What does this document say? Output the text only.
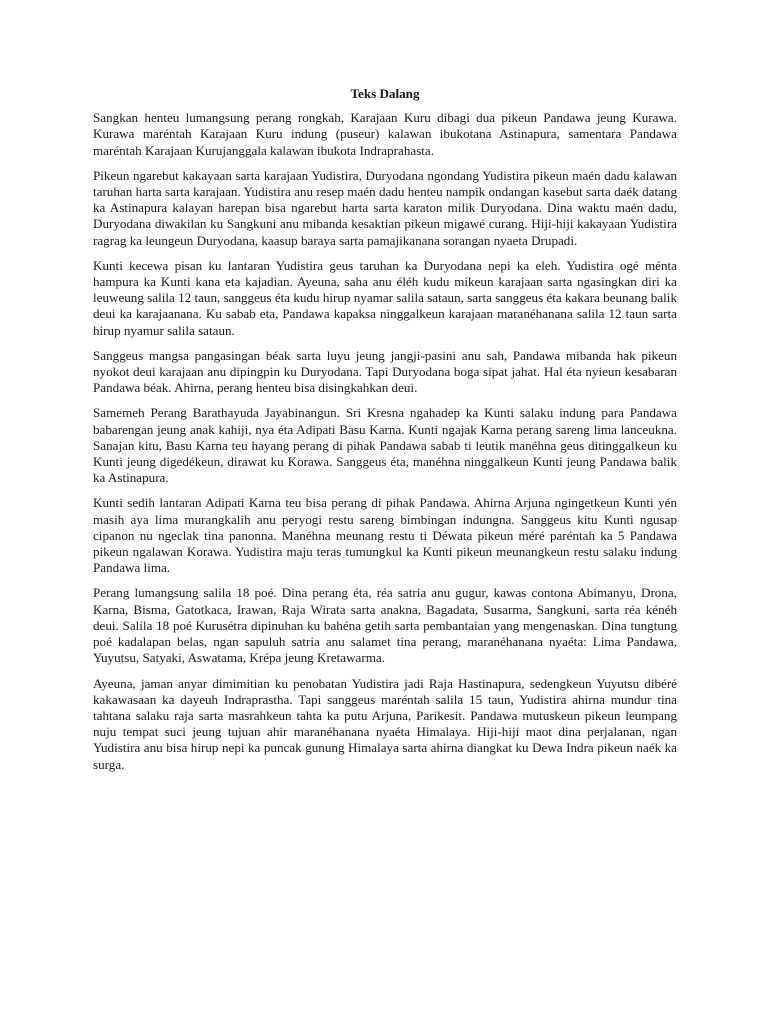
Teks Dalang

Sangkan henteu lumangsung perang rongkah, Karajaan Kuru dibagi dua pikeun Pandawa jeung Kurawa. Kurawa maréntah Karajaan Kuru indung (puseur) kalawan ibukotana Astinapura, samentara Pandawa maréntah Karajaan Kurujanggala kalawan ibukota Indraprahasta.

Pikeun ngarebut kakayaan sarta karajaan Yudistira, Duryodana ngondang Yudistira pikeun maén dadu kalawan taruhan harta sarta karajaan. Yudistira anu resep maén dadu henteu nampik ondangan kasebut sarta daék datang ka Astinapura kalayan harepan bisa ngarebut harta sarta karaton milik Duryodana. Dina waktu maén dadu, Duryodana diwakilan ku Sangkuni anu mibanda kesaktian pikeun migawé curang. Hiji-hiji kakayaan Yudistira ragrag ka leungeun Duryodana, kaasup baraya sarta pamajikanana sorangan nyaeta Drupadi.

Kunti kecewa pisan ku lantaran Yudistira geus taruhan ka Duryodana nepi ka eleh. Yudistira ogé ménta hampura ka Kunti kana eta kajadian. Ayeuna, saha anu éléh kudu mikeun karajaan sarta ngasingkan diri ka leuweung salila 12 taun, sanggeus éta kudu hirup nyamar salila sataun, sarta sanggeus éta kakara beunang balik deui ka karajaanana. Ku sabab eta, Pandawa kapaksa ninggalkeun karajaan maranéhanana salila 12 taun sarta hirup nyamur salila sataun.

Sanggeus mangsa pangasingan béak sarta luyu jeung jangji-pasini anu sah, Pandawa mibanda hak pikeun nyokot deui karajaan anu dipingpin ku Duryodana. Tapi Duryodana boga sipat jahat. Hal éta nyieun kesabaran Pandawa béak. Ahirna, perang henteu bisa disingkahkan deui.

Samemeh Perang Barathayuda Jayabinangun. Sri Kresna ngahadep ka Kunti salaku indung para Pandawa babarengan jeung anak kahiji, nya éta Adipati Basu Karna. Kunti ngajak Karna perang sareng lima lanceukna. Sanajan kitu, Basu Karna teu hayang perang di pihak Pandawa sabab ti leutik manéhna geus ditinggalkeun ku Kunti jeung digedékeun, dirawat ku Korawa. Sanggeus éta, manéhna ninggalkeun Kunti jeung Pandawa balik ka Astinapura.

Kunti sedih lantaran Adipati Karna teu bisa perang di pihak Pandawa. Ahirna Arjuna ngingetkeun Kunti yén masih aya lima murangkalih anu peryogi restu sareng bimbingan indungna. Sanggeus kitu Kunti ngusap cipanon nu ngeclak tina panonna. Manéhna meunang restu ti Déwata pikeun méré paréntah ka 5 Pandawa pikeun ngalawan Korawa. Yudistira maju teras tumungkul ka Kunti pikeun meunangkeun restu salaku indung Pandawa lima.

Perang lumangsung salila 18 poé. Dina perang éta, réa satria anu gugur, kawas contona Abimanyu, Drona, Karna, Bisma, Gatotkaca, Irawan, Raja Wirata sarta anakna, Bagadata, Susarma, Sangkuni, sarta réa kénéh deui. Salila 18 poé Kurusétra dipinuhan ku bahéna getih sarta pembantaian yang mengenaskan. Dina tungtung poé kadalapan belas, ngan sapuluh satria anu salamet tina perang, maranéhanana nyaéta: Lima Pandawa, Yuyutsu, Satyaki, Aswatama, Krépa jeung Kretawarma.

Ayeuna, jaman anyar dimimitian ku penobatan Yudistira jadi Raja Hastinapura, sedengkeun Yuyutsu dibéré kakawasaan ka dayeuh Indraprastha. Tapi sanggeus maréntah salila 15 taun, Yudistira ahirna mundur tina tahtana salaku raja sarta masrahkeun tahta ka putu Arjuna, Parikesit. Pandawa mutuskeun pikeun leumpang nuju tempat suci jeung tujuan ahir maranéhanana nyaéta Himalaya. Hiji-hiji maot dina perjalanan, ngan Yudistira anu bisa hirup nepi ka puncak gunung Himalaya sarta ahirna diangkat ku Dewa Indra pikeun naék ka surga.
